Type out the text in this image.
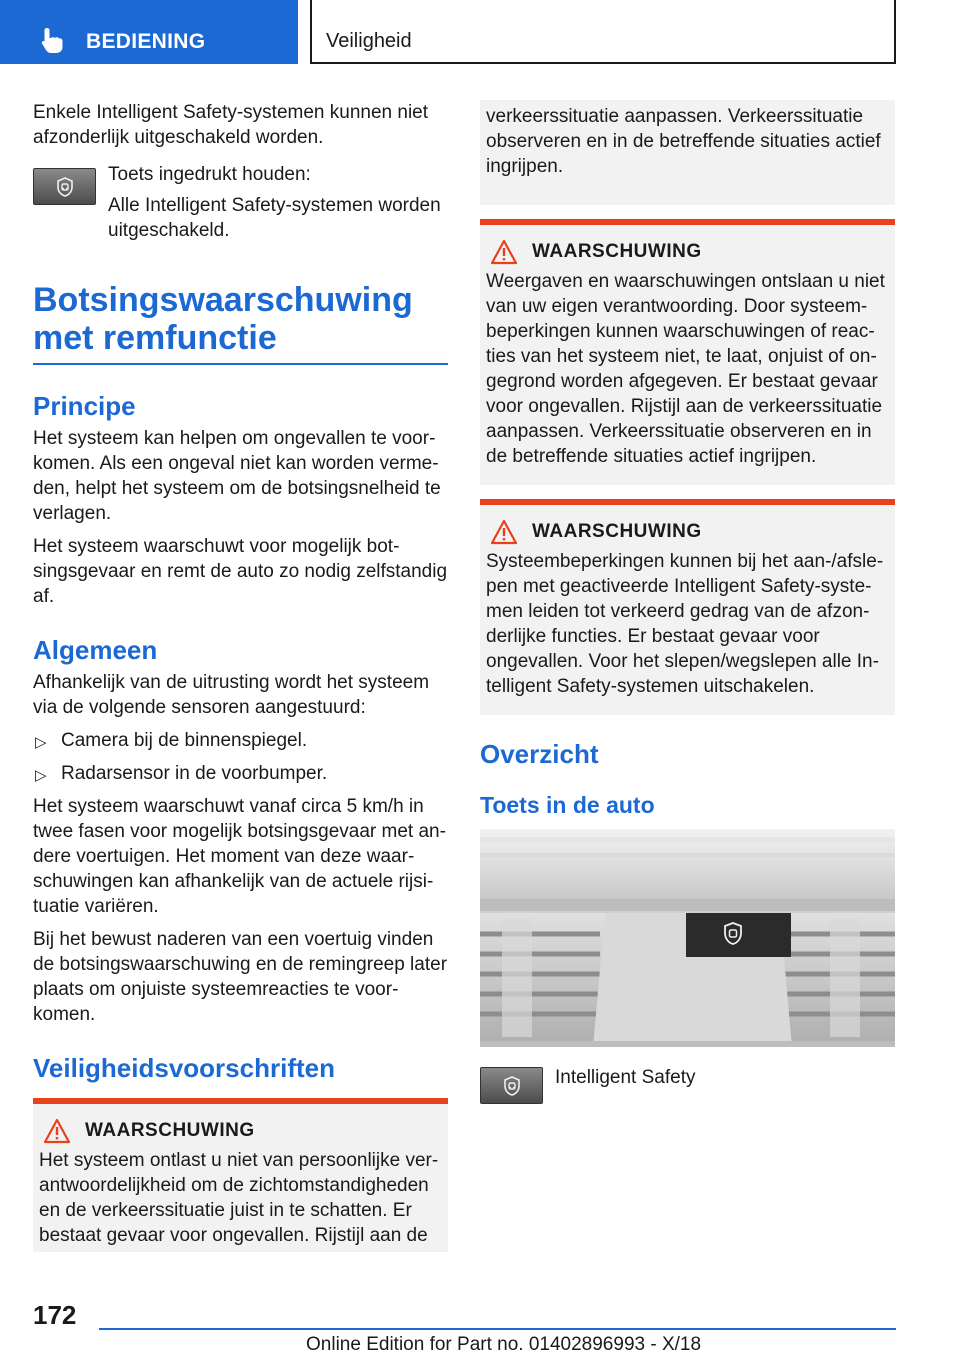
BEDIENING	Veiligheid

Enkele Intelligent Safety-systemen kunnen niet afzonderlijk uitgeschakeld worden.

Toets ingedrukt houden:
Alle Intelligent Safety-systemen worden uitgeschakeld.
Botsingswaarschuwing met remfunctie
Principe

Het systeem kan helpen om ongevallen te voorkomen. Als een ongeval niet kan worden vermeden, helpt het systeem om de botsingsnelheid te verlagen.

Het systeem waarschuwt voor mogelijk botsingsgevaar en remt de auto zo nodig zelfstandig af.

Algemeen

Afhankelijk van de uitrusting wordt het systeem via de volgende sensoren aangestuurd:

▷ Camera bij de binnenspiegel.
▷ Radarsensor in de voorbumper.

Het systeem waarschuwt vanaf circa 5 km/h in twee fasen voor mogelijk botsingsgevaar met andere voertuigen. Het moment van deze waarschuwingen kan afhankelijk van de actuele rijsituatie variëren.

Bij het bewust naderen van een voertuig vinden de botsingswaarschuwing en de remingreep later plaats om onjuiste systeemreacties te voorkomen.

Veiligheidsvoorschriften
WAARSCHUWING

Het systeem ontlast u niet van persoonlijke verantwoordelijkheid om de zichtomstandigheden en de verkeerssituatie juist in te schatten. Er bestaat gevaar voor ongevallen. Rijstijl aan de

verkeerssituatie aanpassen. Verkeerssituatie observeren en in de betreffende situaties actief ingrijpen.

WAARSCHUWING

Weergaven en waarschuwingen ontslaan u niet van uw eigen verantwoording. Door systeembeperkingen kunnen waarschuwingen of reacties van het systeem niet, te laat, onjuist of ongegrond worden afgegeven. Er bestaat gevaar voor ongevallen. Rijstijl aan de verkeerssituatie aanpassen. Verkeerssituatie observeren en in de betreffende situaties actief ingrijpen.

WAARSCHUWING

Systeembeperkingen kunnen bij het aan-/afslepen met geactiveerde Intelligent Safety-systemen leiden tot verkeerd gedrag van de afzonderlijke functies. Er bestaat gevaar voor ongevallen. Voor het slepen/wegslepen alle Intelligent Safety-systemen uitschakelen.

Overzicht
Toets in de auto
Intelligent Safety
172
Online Edition for Part no. 01402896993 - X/18
